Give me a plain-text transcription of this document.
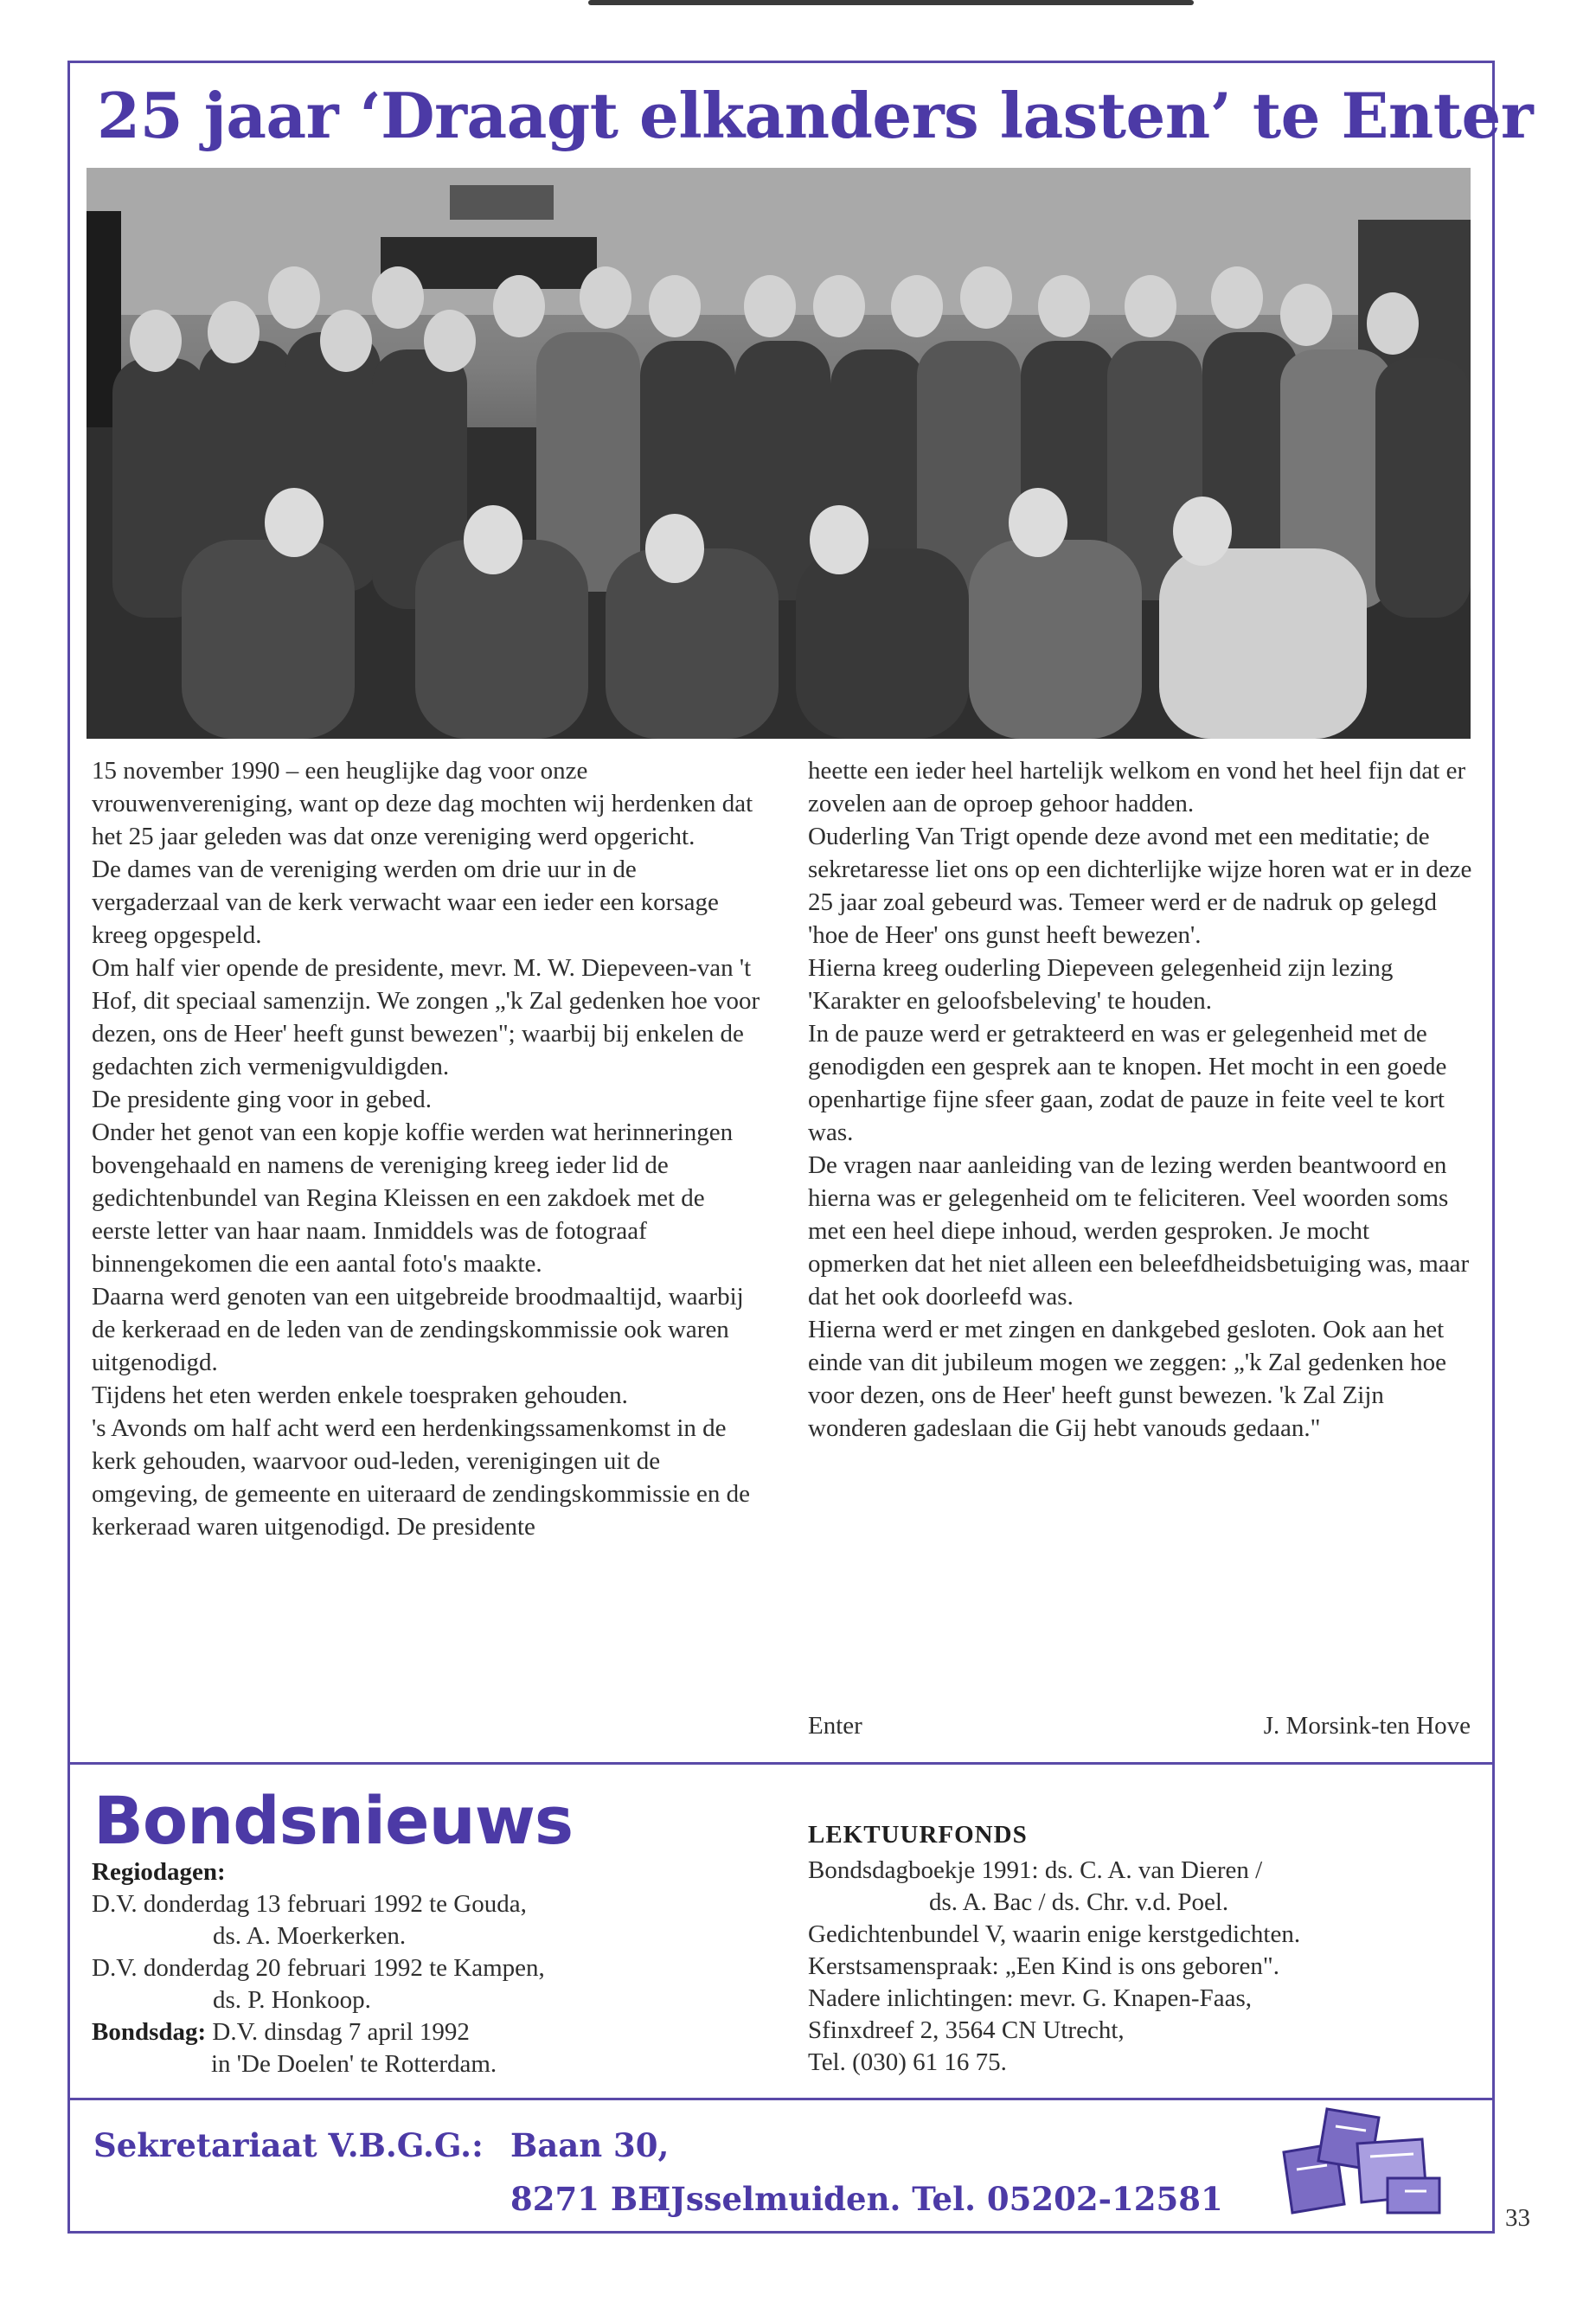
25 jaar ‘Draagt elkanders lasten’ te Enter
15 november 1990 – een heuglijke dag voor onze vrouwenvereniging, want op deze dag mochten wij herdenken dat het 25 jaar geleden was dat onze vereniging werd opgericht.
De dames van de vereniging werden om drie uur in de vergaderzaal van de kerk verwacht waar een ieder een korsage kreeg opgespeld.
Om half vier opende de presidente, mevr. M. W. Diepeveen-van 't Hof, dit speciaal samenzijn. We zongen „'k Zal gedenken hoe voor dezen, ons de Heer' heeft gunst bewezen"; waarbij bij enkelen de gedachten zich vermenigvuldigden.
De presidente ging voor in gebed.
Onder het genot van een kopje koffie werden wat herinneringen bovengehaald en namens de vereniging kreeg ieder lid de gedichtenbundel van Regina Kleissen en een zakdoek met de eerste letter van haar naam. Inmiddels was de fotograaf binnengekomen die een aantal foto's maakte.
Daarna werd genoten van een uitgebreide broodmaaltijd, waarbij de kerkeraad en de leden van de zendingskommissie ook waren uitgenodigd.
Tijdens het eten werden enkele toespraken gehouden.
's Avonds om half acht werd een herdenkingssamenkomst in de kerk gehouden, waarvoor oud-leden, verenigingen uit de omgeving, de gemeente en uiteraard de zendingskommissie en de kerkeraad waren uitgenodigd. De presidente
heette een ieder heel hartelijk welkom en vond het heel fijn dat er zovelen aan de oproep gehoor hadden.
Ouderling Van Trigt opende deze avond met een meditatie; de sekretaresse liet ons op een dichterlijke wijze horen wat er in deze 25 jaar zoal gebeurd was. Temeer werd er de nadruk op gelegd 'hoe de Heer' ons gunst heeft bewezen'.
Hierna kreeg ouderling Diepeveen gelegenheid zijn lezing 'Karakter en geloofsbeleving' te houden.
In de pauze werd er getrakteerd en was er gelegenheid met de genodigden een gesprek aan te knopen. Het mocht in een goede openhartige fijne sfeer gaan, zodat de pauze in feite veel te kort was.
De vragen naar aanleiding van de lezing werden beantwoord en hierna was er gelegenheid om te feliciteren. Veel woorden soms met een heel diepe inhoud, werden gesproken. Je mocht opmerken dat het niet alleen een beleefdheidsbetuiging was, maar dat het ook doorleefd was.
Hierna werd er met zingen en dankgebed gesloten. Ook aan het einde van dit jubileum mogen we zeggen: „'k Zal gedenken hoe voor dezen, ons de Heer' heeft gunst bewezen. 'k Zal Zijn wonderen gadeslaan die Gij hebt vanouds gedaan."
Enter	J. Morsink-ten Hove
Bondsnieuws
Regiodagen:
D.V. donderdag 13 februari 1992 te Gouda,
ds. A. Moerkerken.
D.V. donderdag 20 februari 1992 te Kampen,
ds. P. Honkoop.
Bondsdag: D.V. dinsdag 7 april 1992
in 'De Doelen' te Rotterdam.
LEKTUURFONDS
Bondsdagboekje 1991: ds. C. A. van Dieren /
ds. A. Bac / ds. Chr. v.d. Poel.
Gedichtenbundel V, waarin enige kerstgedichten.
Kerstsamenspraak: „Een Kind is ons geboren".
Nadere inlichtingen: mevr. G. Knapen-Faas,
Sfinxdreef 2, 3564 CN Utrecht,
Tel. (030) 61 16 75.
Sekretariaat V.B.G.G.: Baan 30,
8271 BE
IJsselmuiden. Tel. 05202-12581	33
